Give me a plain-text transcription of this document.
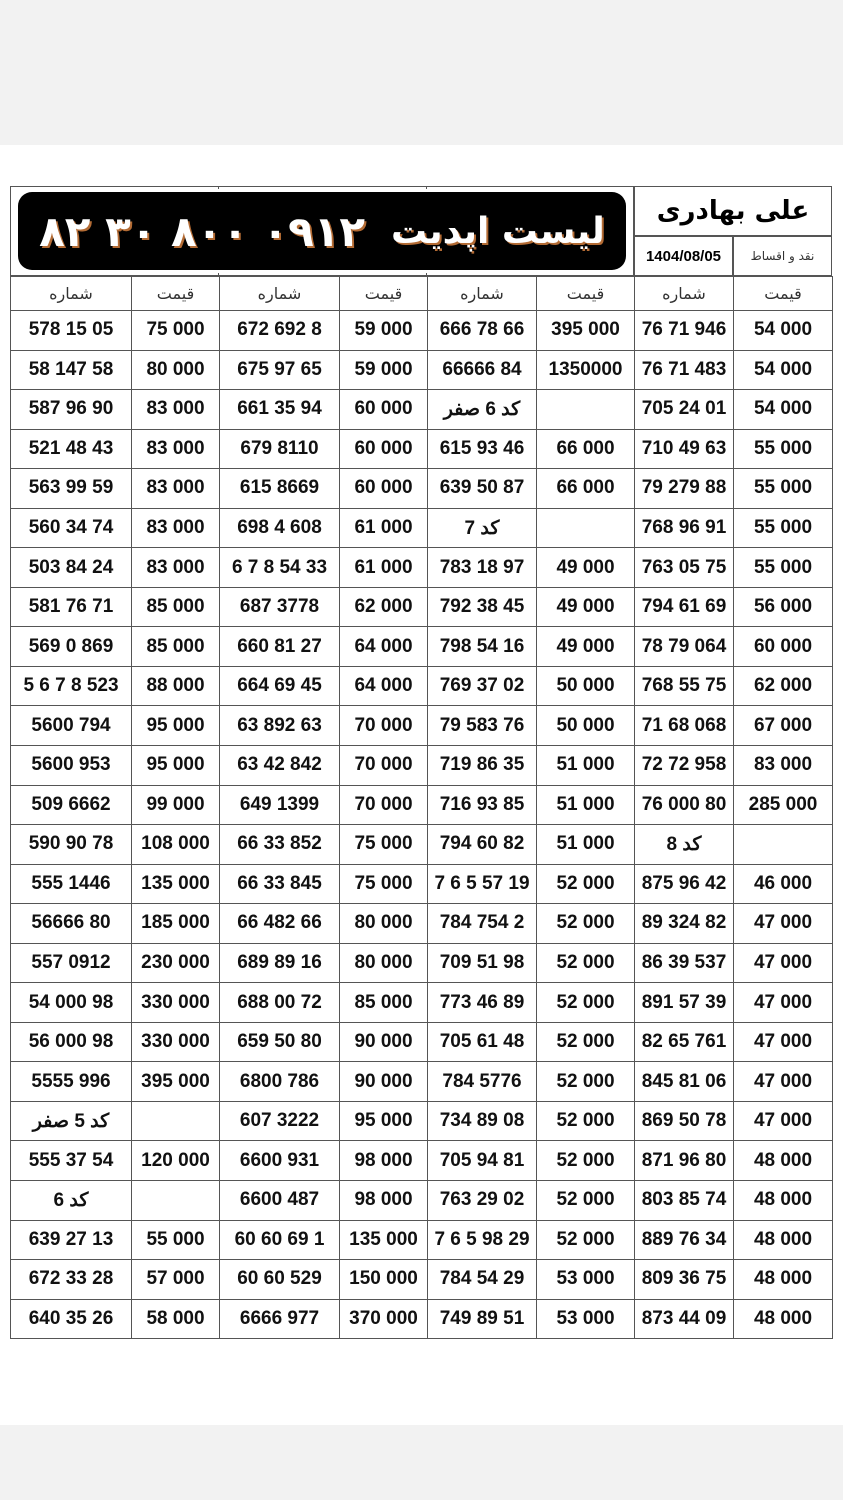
۰۹۱۲ ۸۰۰ ۳۰ ۸۲ لیست اپدیت	علی بهادری
1404/08/05	نقد و اقساط
شماره	قیمت	شماره	قیمت	شماره	قیمت	شماره	قیمت
578 15 05	75 000	672 692 8	59 000	666 78 66	395 000	76 71 946	54 000
58 147 58	80 000	675 97 65	59 000	66666 84	1350000	76 71 483	54 000
587 96 90	83 000	661 35 94	60 000	کد 6 صفر		705 24 01	54 000
521 48 43	83 000	679 8110	60 000	615 93 46	66 000	710 49 63	55 000
563 99 59	83 000	615 8669	60 000	639 50 87	66 000	79 279 88	55 000
560 34 74	83 000	698 4 608	61 000	کد 7		768 96 91	55 000
503 84 24	83 000	6 7 8 54 33	61 000	783 18 97	49 000	763 05 75	55 000
581 76 71	85 000	687 3778	62 000	792 38 45	49 000	794 61 69	56 000
569 0 869	85 000	660 81 27	64 000	798 54 16	49 000	78 79 064	60 000
5 6 7 8 523	88 000	664 69 45	64 000	769 37 02	50 000	768 55 75	62 000
5600 794	95 000	63 892 63	70 000	79 583 76	50 000	71 68 068	67 000
5600 953	95 000	63 42 842	70 000	719 86 35	51 000	72 72 958	83 000
509 6662	99 000	649 1399	70 000	716 93 85	51 000	76 000 80	285 000
590 90 78	108 000	66 33 852	75 000	794 60 82	51 000	کد 8	
555 1446	135 000	66 33 845	75 000	7 6 5 57 19	52 000	875 96 42	46 000
56666 80	185 000	66 482 66	80 000	784 754 2	52 000	89 324 82	47 000
557 0912	230 000	689 89 16	80 000	709 51 98	52 000	86 39 537	47 000
54 000 98	330 000	688 00 72	85 000	773 46 89	52 000	891 57 39	47 000
56 000 98	330 000	659 50 80	90 000	705 61 48	52 000	82 65 761	47 000
5555 996	395 000	6800 786	90 000	784 5776	52 000	845 81 06	47 000
کد 5 صفر		607 3222	95 000	734 89 08	52 000	869 50 78	47 000
555 37 54	120 000	6600 931	98 000	705 94 81	52 000	871 96 80	48 000
کد 6		6600 487	98 000	763 29 02	52 000	803 85 74	48 000
639 27 13	55 000	60 60 69 1	135 000	7 6 5 98 29	52 000	889 76 34	48 000
672 33 28	57 000	60 60 529	150 000	784 54 29	53 000	809 36 75	48 000
640 35 26	58 000	6666 977	370 000	749 89 51	53 000	873 44 09	48 000
